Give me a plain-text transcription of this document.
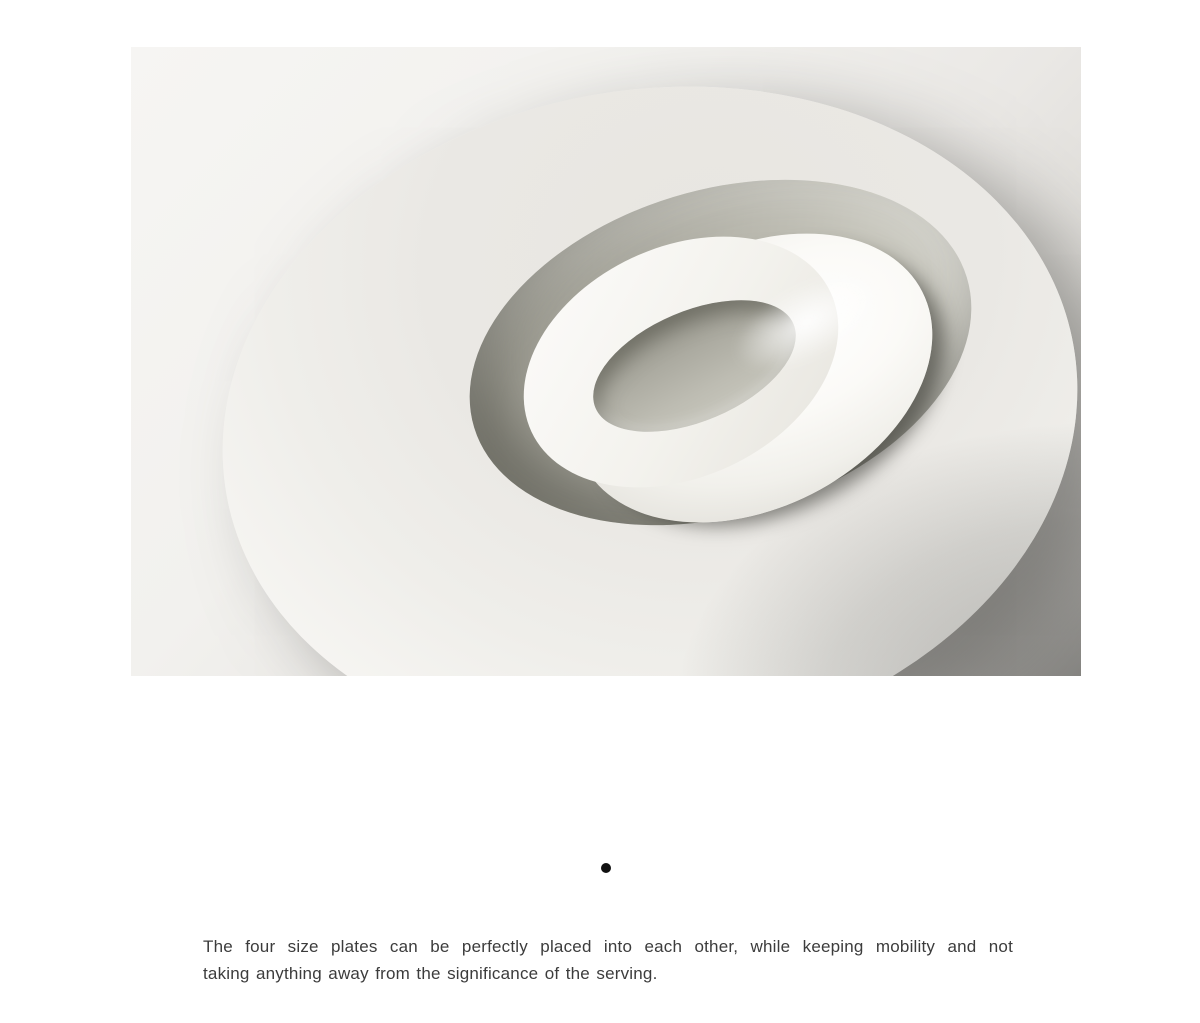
The four size plates can be perfectly placed into each other, while keeping mobility and not
taking anything away from the significance of the serving.
